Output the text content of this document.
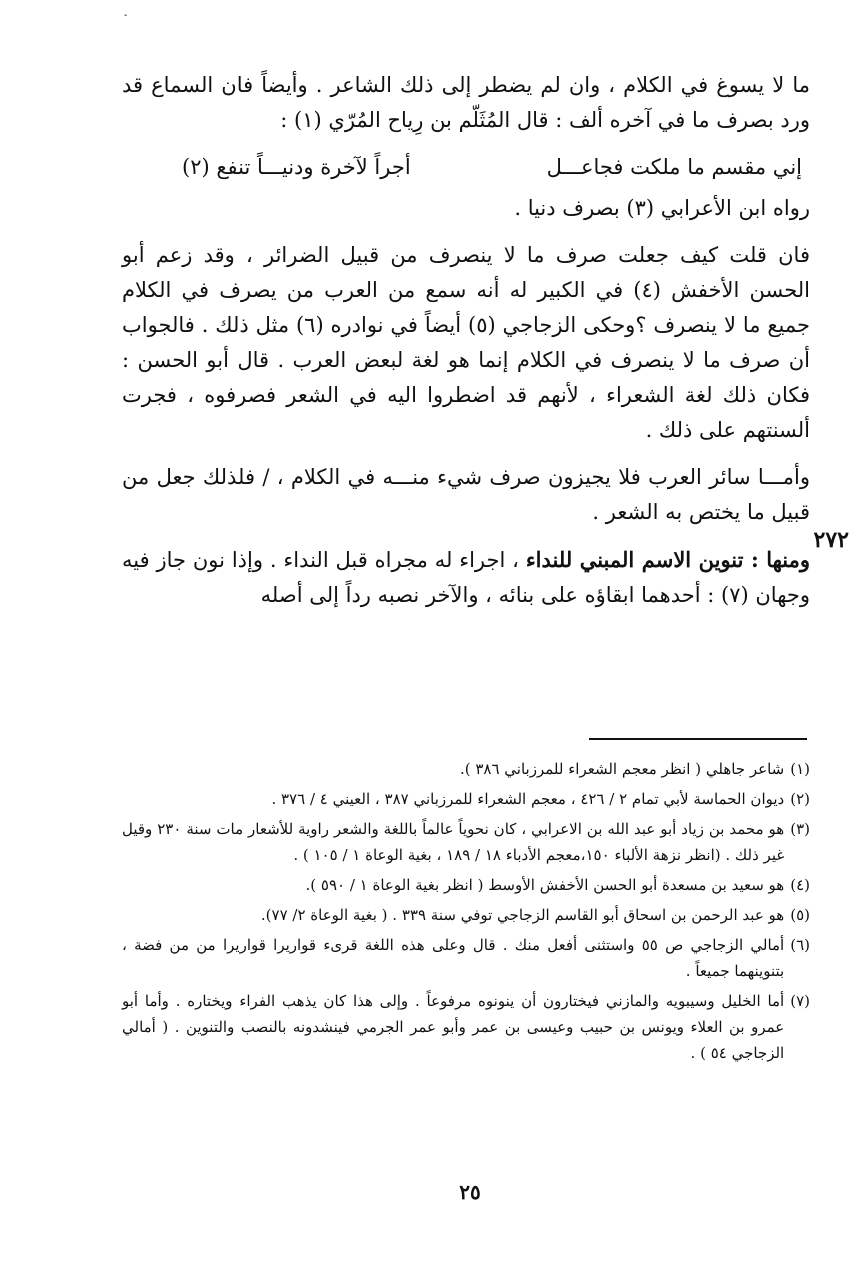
-

ما لا يسوغ في الكلام ، وان لم يضطر إلى ذلك الشاعر . وأيضاً فان السماع قد ورد بصرف ما في آخره ألف : قال المُثَلّم بن رِياح المُرّي (١) :

إني مقسم ما ملكت فجاعـــل
أجراً لآخرة ودنيـــاً تنفع (٢)

رواه ابن الأعرابي (٣) بصرف دنيا .

فان قلت كيف جعلت صرف ما لا ينصرف من قبيل الضرائر ، وقد زعم أبو الحسن الأخفش (٤) في الكبير له أنه سمع من العرب من يصرف في الكلام جميع ما لا ينصرف ؟وحكى الزجاجي (٥) أيضاً في نوادره (٦) مثل ذلك . فالجواب أن صرف ما لا ينصرف في الكلام إنما هو لغة لبعض العرب . قال أبو الحسن : فكان ذلك لغة الشعراء ، لأنهم قد اضطروا اليه في الشعر فصرفوه ، فجرت ألسنتهم على ذلك .

وأمـــا سائر العرب فلا يجيزون صرف شيء منـــه في الكلام ، / فلذلك جعل من قبيل ما يختص به الشعر .

ومنها : تنوين الاسم المبني للنداء ، اجراء له مجراه قبل النداء . وإذا نون جاز فيه وجهان (٧) : أحدهما ابقاؤه على بنائه ، والآخر نصبه رداً إلى أصله

٢٧٢
(١)
شاعر جاهلي ( انظر معجم الشعراء للمرزباني ٣٨٦ ).
(٢)
ديوان الحماسة لأبي تمام ٢ / ٤٢٦ ، معجم الشعراء للمرزباني ٣٨٧ ، العيني ٤ / ٣٧٦ .
(٣)
هو محمد بن زياد أبو عبد الله بن الاعرابي ، كان نحوياً عالماً باللغة والشعر راوية للأشعار مات سنة ٢٣٠ وقيل غير ذلك . (انظر نزهة الألباء ١٥٠،معجم الأدباء ١٨ / ١٨٩ ، بغية الوعاة ١ / ١٠٥ ) .
(٤)
هو سعيد بن مسعدة أبو الحسن الأخفش الأوسط ( انظر بغية الوعاة ١ / ٥٩٠ ).
(٥)
هو عبد الرحمن بن اسحاق أبو القاسم الزجاجي توفي سنة ٣٣٩ . ( بغية الوعاة ٢/ ٧٧).
(٦)
أمالي الزجاجي ص ٥٥ واستثنى أفعل منك . قال وعلى هذه اللغة قرىء قواريرا قواريرا من من فضة ، بتنوينهما جميعاً .
(٧)
أما الخليل وسيبويه والمازني فيختارون أن ينونوه مرفوعاً . وإلى هذا كان يذهب الفراء ويختاره . وأما أبو عمرو بن العلاء ويونس بن حبيب وعيسى بن عمر وأبو عمر الجرمي فينشدونه بالنصب والتنوين . ( أمالي الزجاجي ٥٤ ) .
٢٥
